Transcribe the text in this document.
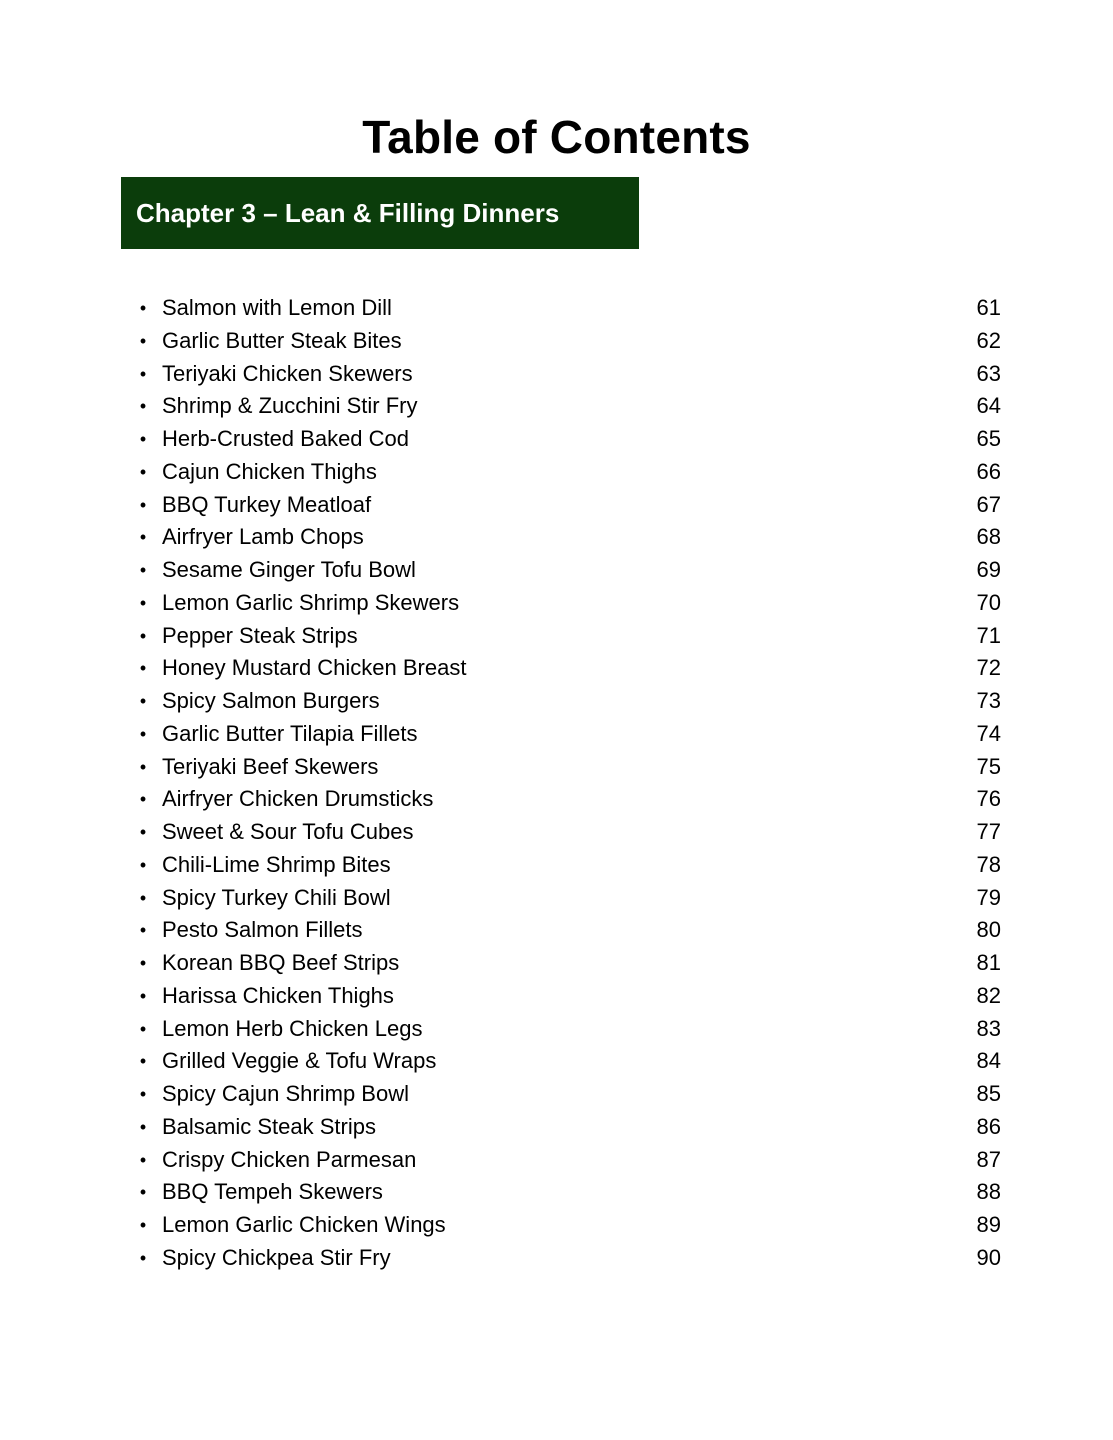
Table of Contents
Chapter 3 – Lean & Filling Dinners
• Salmon with Lemon Dill	61
• Garlic Butter Steak Bites	62
• Teriyaki Chicken Skewers	63
• Shrimp & Zucchini Stir Fry	64
• Herb-Crusted Baked Cod	65
• Cajun Chicken Thighs	66
• BBQ Turkey Meatloaf	67
• Airfryer Lamb Chops	68
• Sesame Ginger Tofu Bowl	69
• Lemon Garlic Shrimp Skewers	70
• Pepper Steak Strips	71
• Honey Mustard Chicken Breast	72
• Spicy Salmon Burgers	73
• Garlic Butter Tilapia Fillets	74
• Teriyaki Beef Skewers	75
• Airfryer Chicken Drumsticks	76
• Sweet & Sour Tofu Cubes	77
• Chili-Lime Shrimp Bites	78
• Spicy Turkey Chili Bowl	79
• Pesto Salmon Fillets	80
• Korean BBQ Beef Strips	81
• Harissa Chicken Thighs	82
• Lemon Herb Chicken Legs	83
• Grilled Veggie & Tofu Wraps	84
• Spicy Cajun Shrimp Bowl	85
• Balsamic Steak Strips	86
• Crispy Chicken Parmesan	87
• BBQ Tempeh Skewers	88
• Lemon Garlic Chicken Wings	89
• Spicy Chickpea Stir Fry	90
